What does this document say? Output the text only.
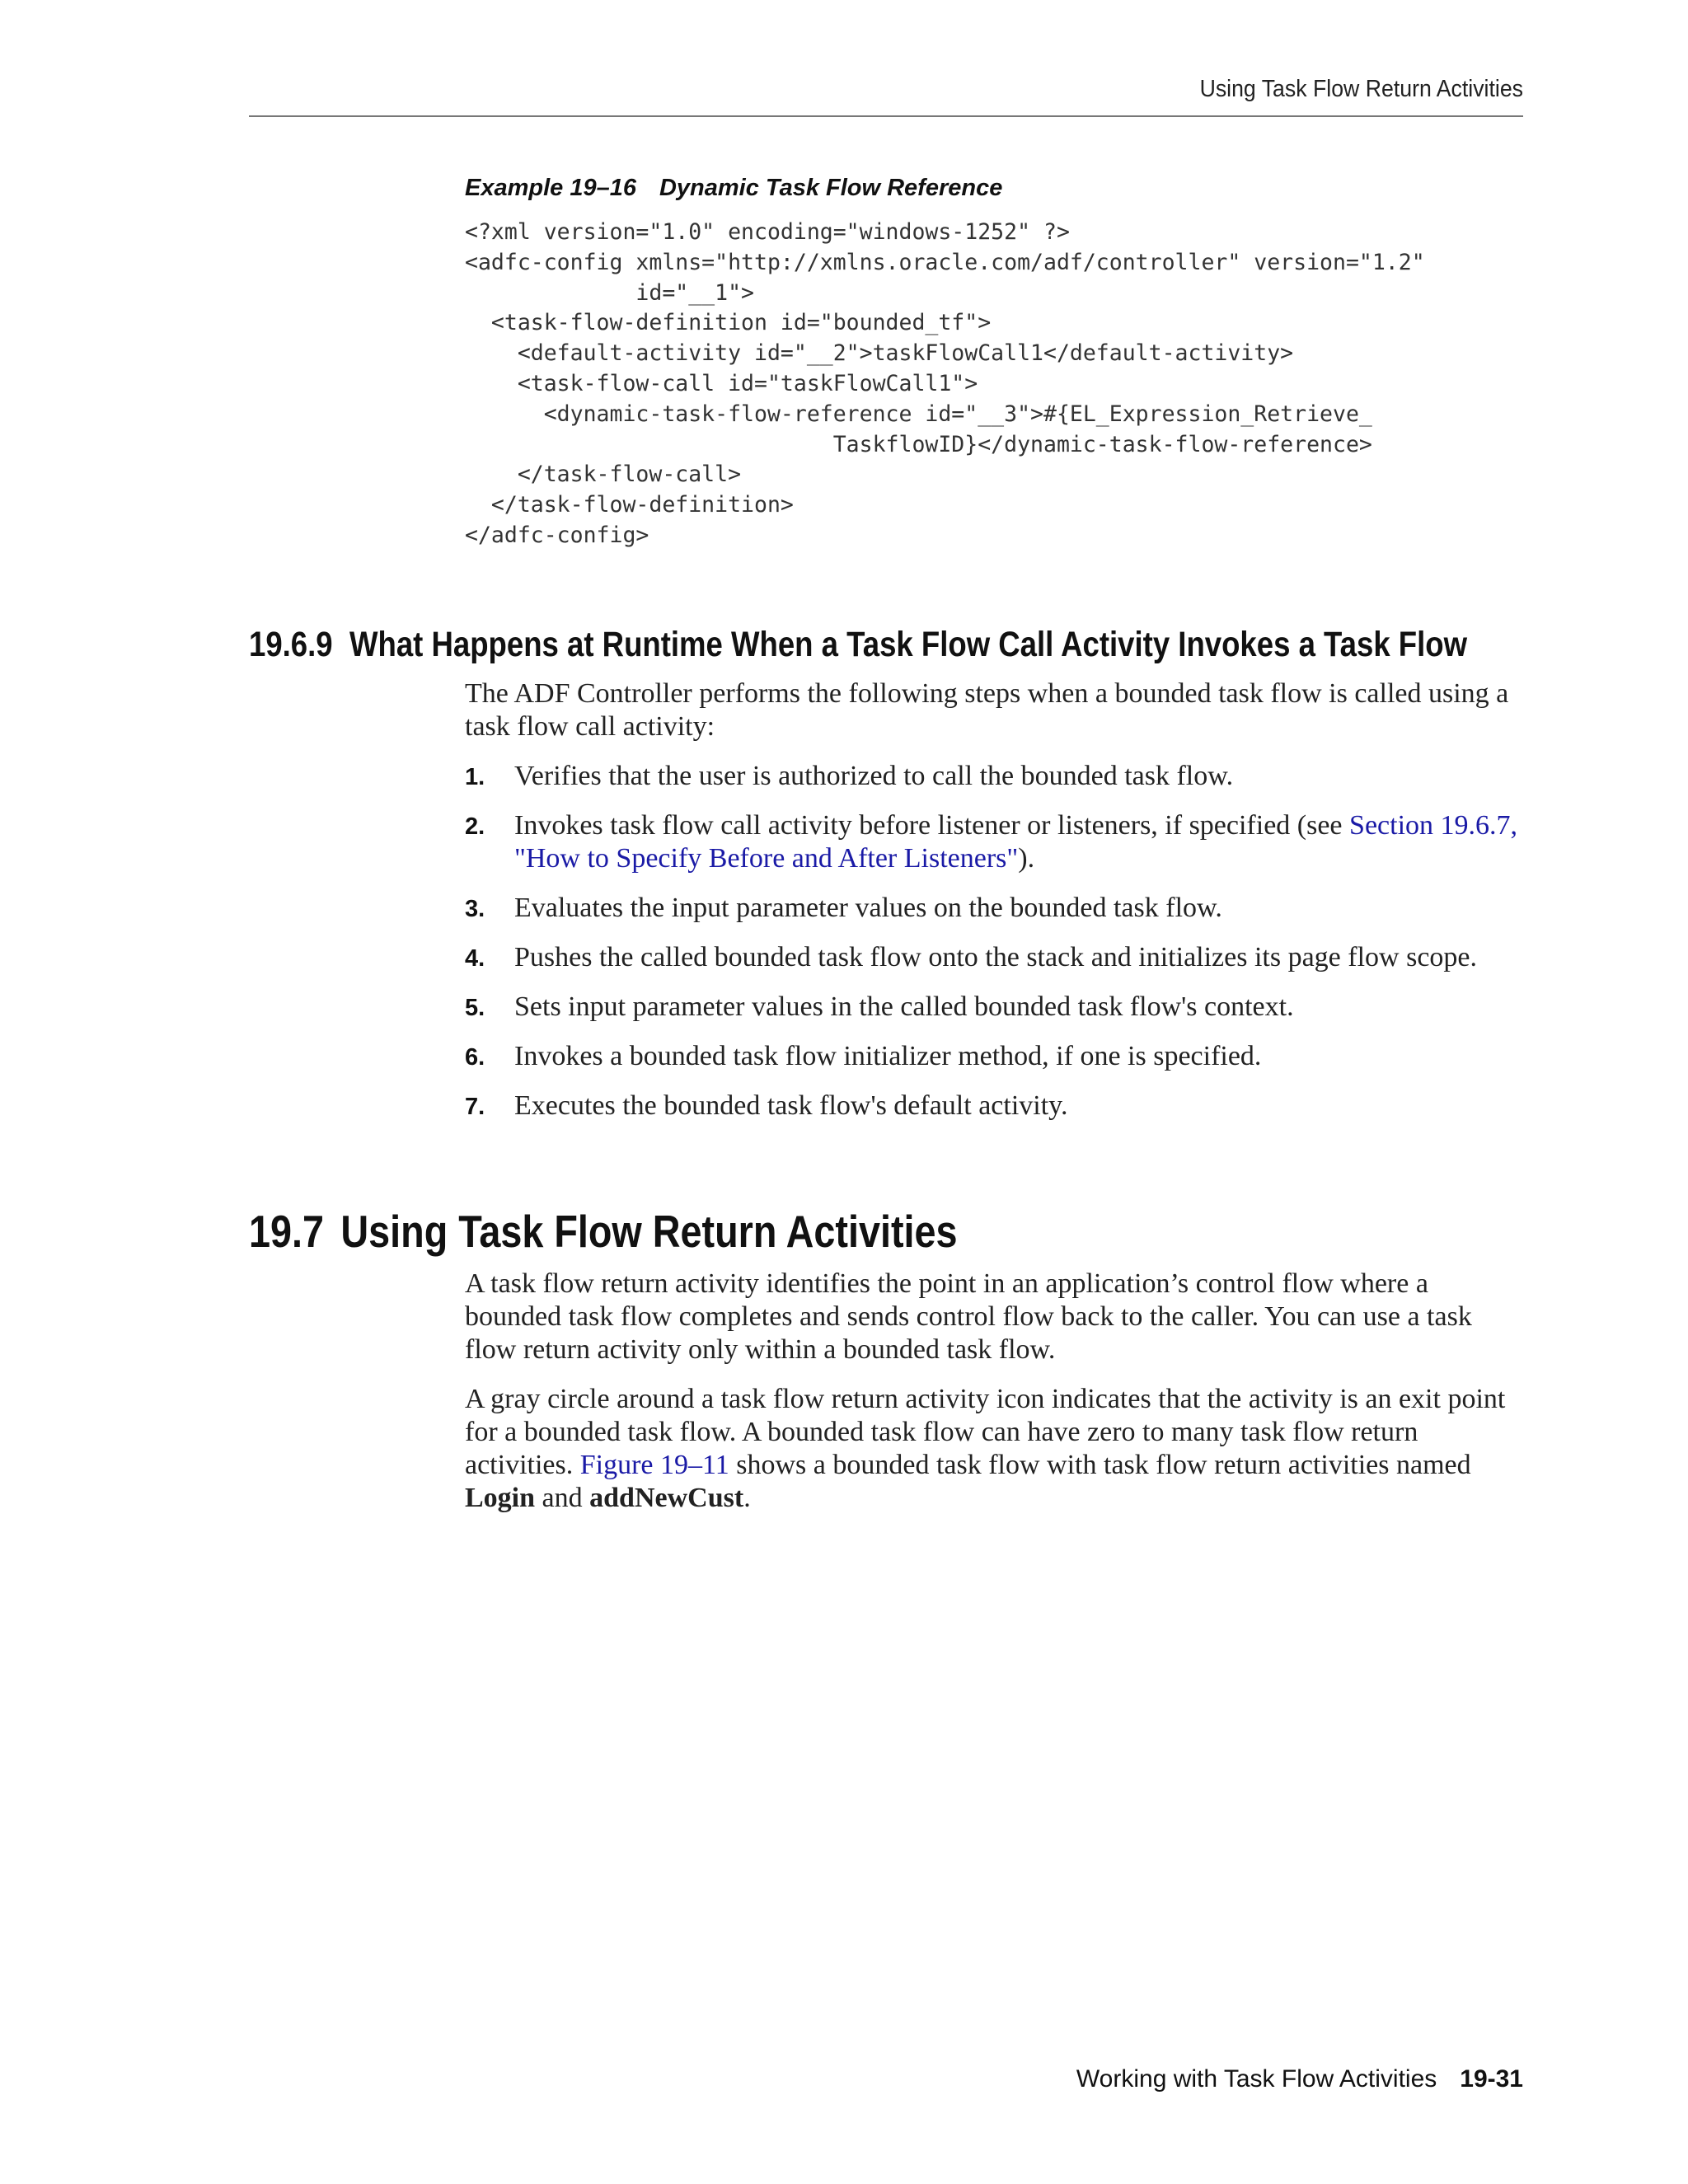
Using Task Flow Return Activities
Example 19–16 Dynamic Task Flow Reference
<?xml version="1.0" encoding="windows-1252" ?>
<adfc-config xmlns="http://xmlns.oracle.com/adf/controller" version="1.2"
id="__1">
<task-flow-definition id="bounded_tf">
<default-activity id="__2">taskFlowCall1</default-activity>
<task-flow-call id="taskFlowCall1">
<dynamic-task-flow-reference id="__3">#{EL_Expression_Retrieve_
TaskflowID}</dynamic-task-flow-reference>
</task-flow-call>
</task-flow-definition>
</adfc-config>
19.6.9 What Happens at Runtime When a Task Flow Call Activity Invokes a Task Flow

The ADF Controller performs the following steps when a bounded task flow is called using a task flow call activity:

1. Verifies that the user is authorized to call the bounded task flow.
2. Invokes task flow call activity before listener or listeners, if specified (see Section 19.6.7, "How to Specify Before and After Listeners").
3. Evaluates the input parameter values on the bounded task flow.
4. Pushes the called bounded task flow onto the stack and initializes its page flow scope.
5. Sets input parameter values in the called bounded task flow's context.
6. Invokes a bounded task flow initializer method, if one is specified.
7. Executes the bounded task flow's default activity.
19.7 Using Task Flow Return Activities

A task flow return activity identifies the point in an application’s control flow where a bounded task flow completes and sends control flow back to the caller. You can use a task flow return activity only within a bounded task flow.

A gray circle around a task flow return activity icon indicates that the activity is an exit point for a bounded task flow. A bounded task flow can have zero to many task flow return activities. Figure 19–11 shows a bounded task flow with task flow return activities named Login and addNewCust.

Working with Task Flow Activities 19-31
